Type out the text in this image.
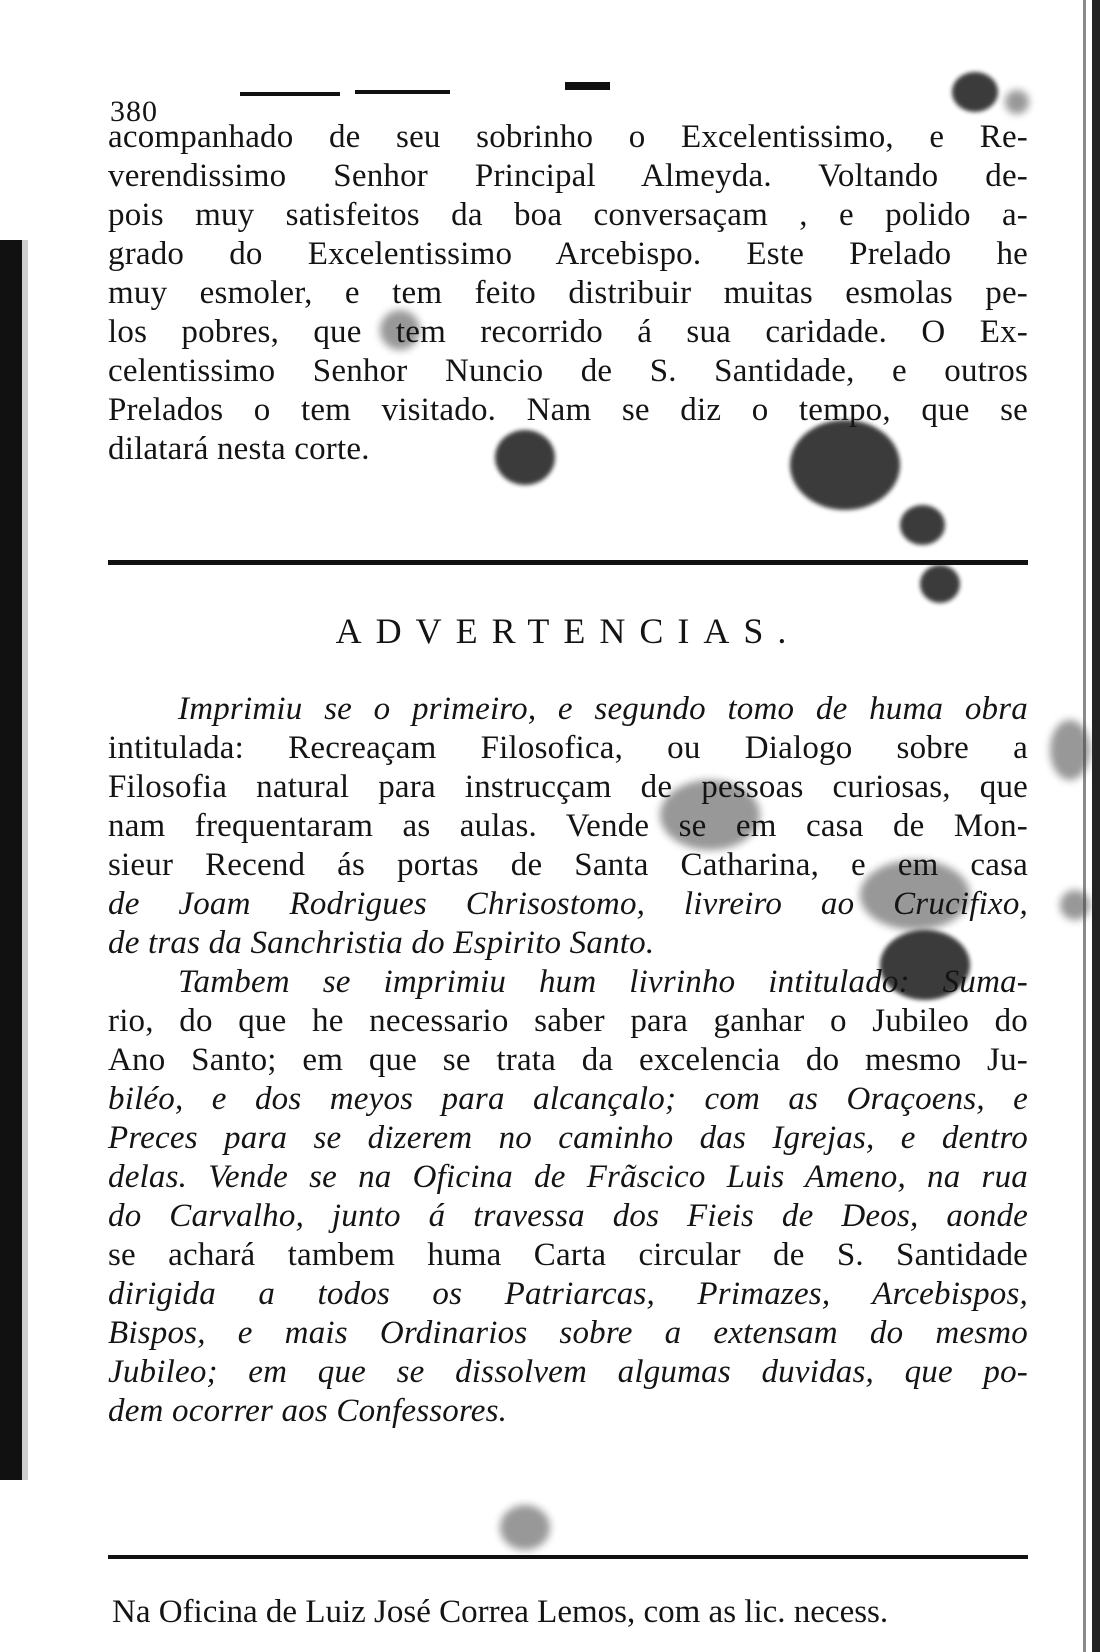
380
acompanhado de seu sobrinho o Excelentissimo, e Re-
verendissimo Senhor Principal Almeyda. Voltando de-
pois muy satisfeitos da boa conversaçam , e polido a-
grado do Excelentissimo Arcebispo. Este Prelado he
muy esmoler, e tem feito distribuir muitas esmolas pe-
los pobres, que tem recorrido á sua caridade. O Ex-
celentissimo Senhor Nuncio de S. Santidade, e outros
Prelados o tem visitado. Nam se diz o tempo, que se
dilatará nesta corte.
ADVERTENCIAS.
Imprimiu se o primeiro, e segundo tomo de huma obra
intitulada: Recreaçam Filosofica, ou Dialogo sobre a
Filosofia natural para instrucçam de pessoas curiosas, que
nam frequentaram as aulas. Vende se em casa de Mon-
sieur Recend ás portas de Santa Catharina, e em casa
de Joam Rodrigues Chrisostomo, livreiro ao Crucifixo,
de tras da Sanchristia do Espirito Santo.
Tambem se imprimiu hum livrinho intitulado: Suma-
rio, do que he necessario saber para ganhar o Jubileo do
Ano Santo; em que se trata da excelencia do mesmo Ju-
biléo, e dos meyos para alcançalo; com as Oraçoens, e
Preces para se dizerem no caminho das Igrejas, e dentro
delas. Vende se na Oficina de Frãscico Luis Ameno, na rua
do Carvalho, junto á travessa dos Fieis de Deos, aonde
se achará tambem huma Carta circular de S. Santidade
dirigida a todos os Patriarcas, Primazes, Arcebispos,
Bispos, e mais Ordinarios sobre a extensam do mesmo
Jubileo; em que se dissolvem algumas duvidas, que po-
dem ocorrer aos Confessores.
Na Oficina de Luiz José Correa Lemos, com as lic. necess.
